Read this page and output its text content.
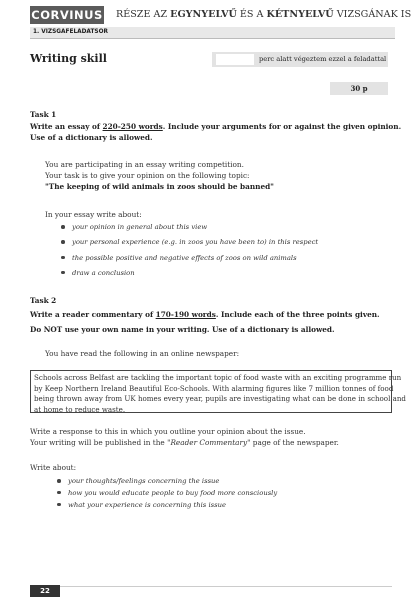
CORVINUS RÉSZE AZ EGYNYELVŰ ÉS A KÉTNYELVŰ VIZSGÁNAK IS
1. VIZSGAFELADATSOR
Writing skill	perc alatt végeztem ezzel a feladattal
30 p
Task 1
Write an essay of 220-250 words. Include your arguments for or against the given opinion.
Use of a dictionary is allowed.
You are participating in an essay writing competition.
Your task is to give your opinion on the following topic:
"The keeping of wild animals in zoos should be banned"
In your essay write about:
your opinion in general about this view
your personal experience (e.g. in zoos you have been to) in this respect
the possible positive and negative effects of zoos on wild animals
draw a conclusion
Task 2
Write a reader commentary of 170-190 words. Include each of the three points given.
Do NOT use your own name in your writing. Use of a dictionary is allowed.
You have read the following in an online newspaper:
Schools across Belfast are tackling the important topic of food waste with an exciting programme run
by Keep Northern Ireland Beautiful Eco-Schools. With alarming figures like 7 million tonnes of food
being thrown away from UK homes every year, pupils are investigating what can be done in school and
at home to reduce waste.
Write a response to this in which you outline your opinion about the issue.
Your writing will be published in the "Reader Commentary" page of the newspaper.
Write about:
your thoughts/feelings concerning the issue
how you would educate people to buy food more consciously
what your experience is concerning this issue
22
